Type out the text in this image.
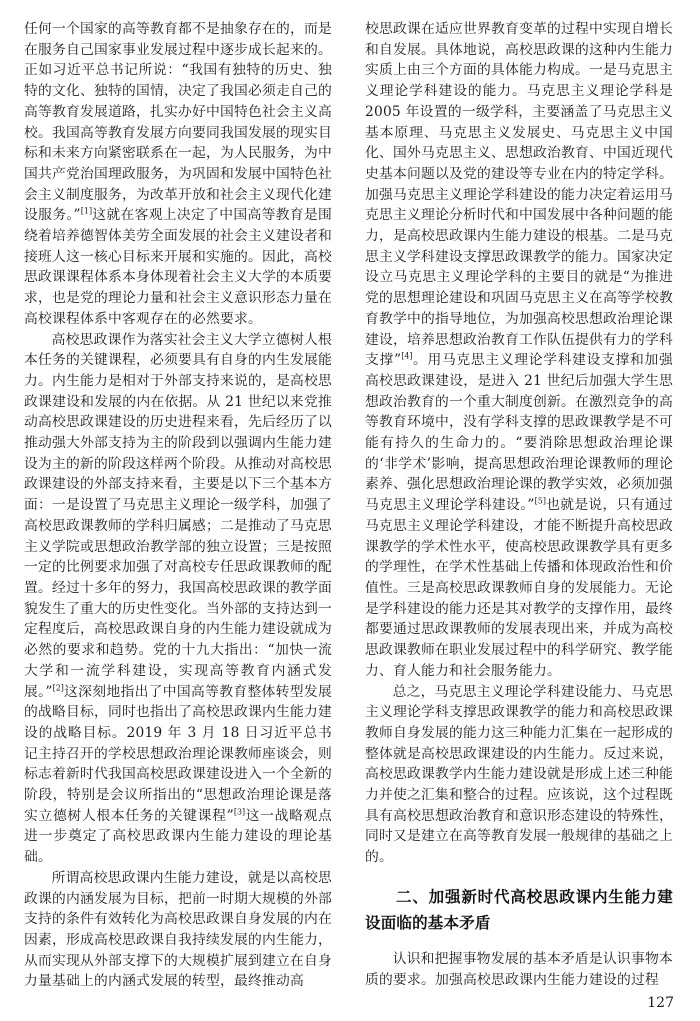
任何一个国家的高等教育都不是抽象存在的，而是在服务自己国家事业发展过程中逐步成长起来的。正如习近平总书记所说：“我国有独特的历史、独特的文化、独特的国情，决定了我国必须走自己的高等教育发展道路，扎实办好中国特色社会主义高校。我国高等教育发展方向要同我国发展的现实目标和未来方向紧密联系在一起，为人民服务，为中国共产党治国理政服务，为巩固和发展中国特色社会主义制度服务，为改革开放和社会主义现代化建设服务。”[1]这就在客观上决定了中国高等教育是围绕着培养德智体美劳全面发展的社会主义建设者和接班人这一核心目标来开展和实施的。因此，高校思政课课程体系本身体现着社会主义大学的本质要求，也是党的理论力量和社会主义意识形态力量在高校课程体系中客观存在的必然要求。

高校思政课作为落实社会主义大学立德树人根本任务的关键课程，必须要具有自身的内生发展能力。内生能力是相对于外部支持来说的，是高校思政课建设和发展的内在依据。从 21 世纪以来党推动高校思政课建设的历史进程来看，先后经历了以推动强大外部支持为主的阶段到以强调内生能力建设为主的新的阶段这样两个阶段。从推动对高校思政课建设的外部支持来看，主要是以下三个基本方面：一是设置了马克思主义理论一级学科，加强了高校思政课教师的学科归属感；二是推动了马克思主义学院或思想政治教学部的独立设置；三是按照一定的比例要求加强了对高校专任思政课教师的配置。经过十多年的努力，我国高校思政课的教学面貌发生了重大的历史性变化。当外部的支持达到一定程度后，高校思政课自身的内生能力建设就成为必然的要求和趋势。党的十九大指出：“加快一流大学和一流学科建设，实现高等教育内涵式发展。”[2]这深刻地指出了中国高等教育整体转型发展的战略目标，同时也指出了高校思政课内生能力建设的战略目标。2019 年 3 月 18 日习近平总书记主持召开的学校思想政治理论课教师座谈会，则标志着新时代我国高校思政课建设进入一个全新的阶段，特别是会议所指出的“思想政治理论课是落实立德树人根本任务的关键课程”[3]这一战略观点进一步奠定了高校思政课内生能力建设的理论基础。

所谓高校思政课内生能力建设，就是以高校思政课的内涵发展为目标，把前一时期大规模的外部支持的条件有效转化为高校思政课自身发展的内在因素，形成高校思政课自我持续发展的内生能力，从而实现从外部支撑下的大规模扩展到建立在自身力量基础上的内涵式发展的转型，最终推动高

校思政课在适应世界教育变革的过程中实现自增长和自发展。具体地说，高校思政课的这种内生能力实质上由三个方面的具体能力构成。一是马克思主义理论学科建设的能力。马克思主义理论学科是 2005 年设置的一级学科，主要涵盖了马克思主义基本原理、马克思主义发展史、马克思主义中国化、国外马克思主义、思想政治教育、中国近现代史基本问题以及党的建设等专业在内的特定学科。加强马克思主义理论学科建设的能力决定着运用马克思主义理论分析时代和中国发展中各种问题的能力，是高校思政课内生能力建设的根基。二是马克思主义学科建设支撑思政课教学的能力。国家决定设立马克思主义理论学科的主要目的就是“为推进党的思想理论建设和巩固马克思主义在高等学校教育教学中的指导地位，为加强高校思想政治理论课建设，培养思想政治教育工作队伍提供有力的学科支撑”[4]。用马克思主义理论学科建设支撑和加强高校思政课建设，是进入 21 世纪后加强大学生思想政治教育的一个重大制度创新。在激烈竞争的高等教育环境中，没有学科支撑的思政课教学是不可能有持久的生命力的。“要消除思想政治理论课的‘非学术’影响，提高思想政治理论课教师的理论素养、强化思想政治理论课的教学实效，必须加强马克思主义理论学科建设。”[5]也就是说，只有通过马克思主义理论学科建设，才能不断提升高校思政课教学的学术性水平，使高校思政课教学具有更多的学理性，在学术性基础上传播和体现政治性和价值性。三是高校思政课教师自身的发展能力。无论是学科建设的能力还是其对教学的支撑作用，最终都要通过思政课教师的发展表现出来，并成为高校思政课教师在职业发展过程中的科学研究、教学能力、育人能力和社会服务能力。

总之，马克思主义理论学科建设能力、马克思主义理论学科支撑思政课教学的能力和高校思政课教师自身发展的能力这三种能力汇集在一起形成的整体就是高校思政课建设的内生能力。反过来说，高校思政课教学内生能力建设就是形成上述三种能力并使之汇集和整合的过程。应该说，这个过程既具有高校思想政治教育和意识形态建设的特殊性，同时又是建立在高等教育发展一般规律的基础之上的。

二、加强新时代高校思政课内生能力建设面临的基本矛盾

认识和把握事物发展的基本矛盾是认识事物本质的要求。加强高校思政课内生能力建设的过程

127
